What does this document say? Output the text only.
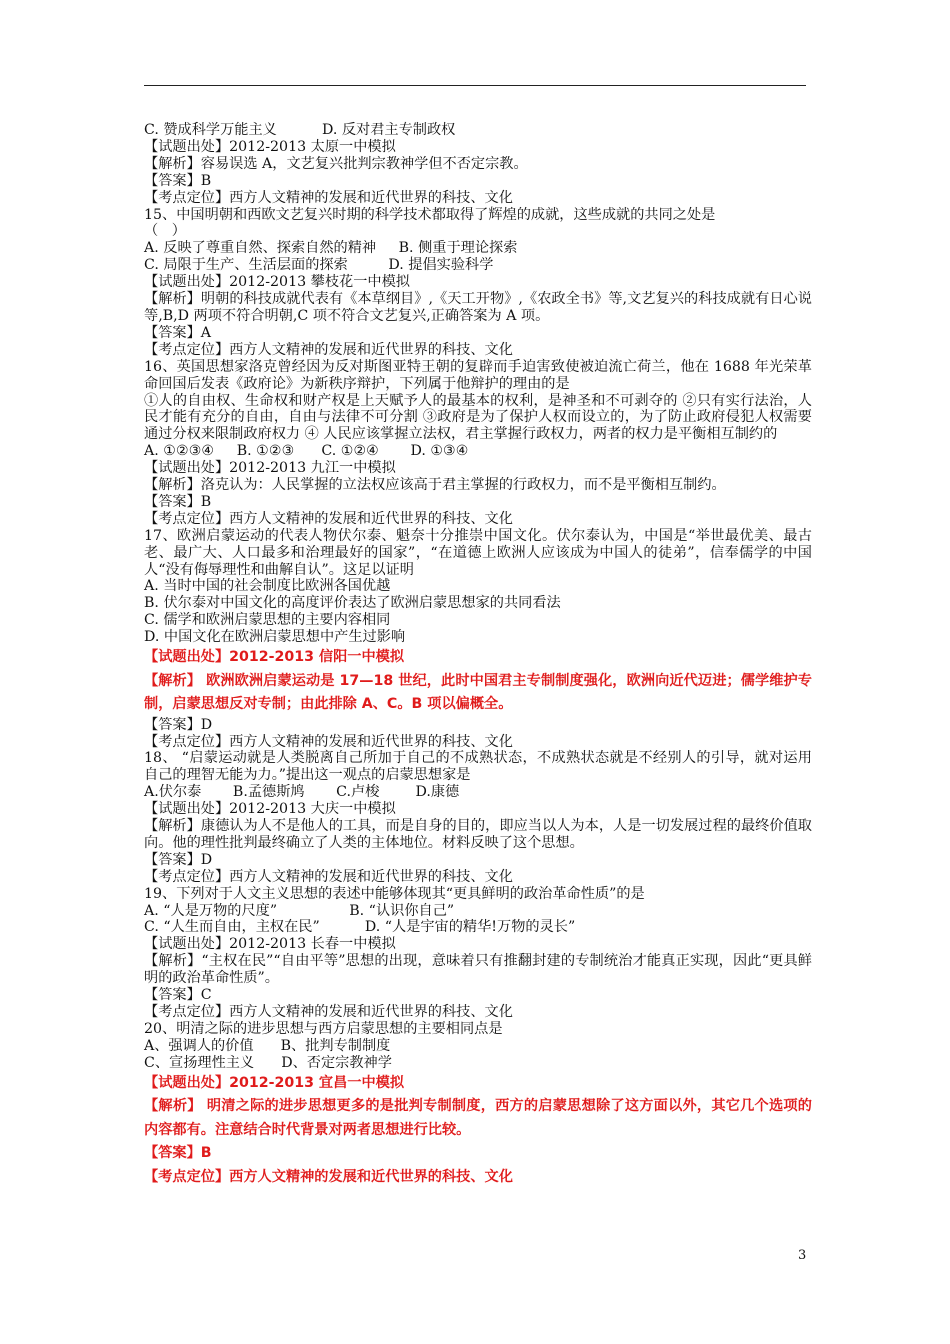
C. 赞成科学万能主义          D. 反对君主专制政权
【试题出处】2012-2013 太原一中模拟
【解析】容易误选 A，文艺复兴批判宗教神学但不否定宗教。
【答案】B
【考点定位】西方人文精神的发展和近代世界的科技、文化
15、中国明朝和西欧文艺复兴时期的科学技术都取得了辉煌的成就，这些成就的共同之处是
（   ）
A. 反映了尊重自然、探索自然的精神     B. 侧重于理论探索
C. 局限于生产、生活层面的探索         D. 提倡实验科学
【试题出处】2012-2013 攀枝花一中模拟
【解析】明朝的科技成就代表有《本草纲目》,《天工开物》,《农政全书》等,文艺复兴的科技成就有日心说等,B,D 两项不符合明朝,C 项不符合文艺复兴,正确答案为 A 项。
【答案】A
【考点定位】西方人文精神的发展和近代世界的科技、文化
16、英国思想家洛克曾经因为反对斯图亚特王朝的复辟而手迫害致使被迫流亡荷兰，他在 1688 年光荣革命回国后发表《政府论》为新秩序辩护，下列属于他辩护的理由的是
①人的自由权、生命权和财产权是上天赋予人的最基本的权利，是神圣和不可剥夺的 ②只有实行法治，人民才能有充分的自由，自由与法律不可分割 ③政府是为了保护人权而设立的，为了防止政府侵犯人权需要通过分权来限制政府权力 ④ 人民应该掌握立法权，君主掌握行政权力，两者的权力是平衡相互制约的
A. ①②③④     B. ①②③      C. ①②④       D. ①③④
【试题出处】2012-2013 九江一中模拟
【解析】洛克认为：人民掌握的立法权应该高于君主掌握的行政权力，而不是平衡相互制约。
【答案】B
【考点定位】西方人文精神的发展和近代世界的科技、文化
17、欧洲启蒙运动的代表人物伏尔泰、魁奈十分推崇中国文化。伏尔泰认为，中国是“举世最优美、最古老、最广大、人口最多和治理最好的国家”，“在道德上欧洲人应该成为中国人的徒弟”，信奉儒学的中国人“没有侮辱理性和曲解自认”。这足以证明
A. 当时中国的社会制度比欧洲各国优越
B. 伏尔泰对中国文化的高度评价表达了欧洲启蒙思想家的共同看法
C. 儒学和欧洲启蒙思想的主要内容相同
D. 中国文化在欧洲启蒙思想中产生过影响
【试题出处】2012-2013 信阳一中模拟
【解析】 欧洲欧洲启蒙运动是 17—18 世纪，此时中国君主专制制度强化，欧洲向近代迈进；儒学维护专制，启蒙思想反对专制；由此排除 A、C。B 项以偏概全。
【答案】D
【考点定位】西方人文精神的发展和近代世界的科技、文化
18、 “启蒙运动就是人类脱离自己所加于自己的不成熟状态，不成熟状态就是不经别人的引导，就对运用自己的理智无能为力。”提出这一观点的启蒙思想家是
A.伏尔泰       B.孟德斯鸠       C.卢梭        D.康德
【试题出处】2012-2013 大庆一中模拟
【解析】康德认为人不是他人的工具，而是自身的目的，即应当以人为本，人是一切发展过程的最终价值取向。他的理性批判最终确立了人类的主体地位。材料反映了这个思想。
【答案】D
【考点定位】西方人文精神的发展和近代世界的科技、文化
19、下列对于人文主义思想的表述中能够体现其“更具鲜明的政治革命性质”的是
A. “人是万物的尺度”                B. “认识你自己”
C. “人生而自由，主权在民”          D. “人是宇宙的精华!万物的灵长”
【试题出处】2012-2013 长春一中模拟
【解析】“主权在民”“自由平等”思想的出现，意味着只有推翻封建的专制统治才能真正实现，因此“更具鲜明的政治革命性质”。
【答案】C
【考点定位】西方人文精神的发展和近代世界的科技、文化
20、明清之际的进步思想与西方启蒙思想的主要相同点是
A、强调人的价值      B、批判专制制度
C、宣扬理性主义      D、否定宗教神学
【试题出处】2012-2013 宜昌一中模拟
【解析】 明清之际的进步思想更多的是批判专制制度，西方的启蒙思想除了这方面以外，其它几个选项的内容都有。注意结合时代背景对两者思想进行比较。
【答案】B
【考点定位】西方人文精神的发展和近代世界的科技、文化
3
